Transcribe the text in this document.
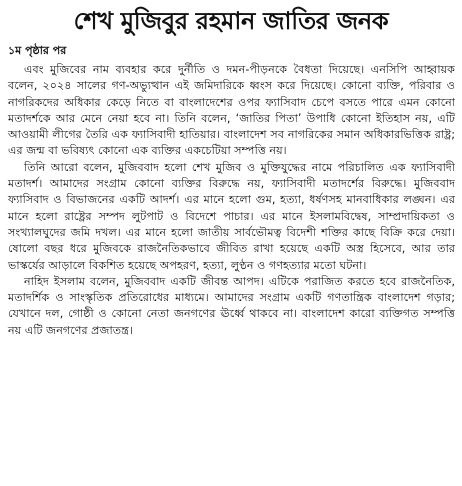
শেখ মুজিবুর রহমান জাতির জনক
১ম পৃষ্ঠার পর

এবং মুজিবের নাম ব্যবহার করে দুর্নীতি ও দমন-পীড়নকে বৈধতা দিয়েছে। এনসিপি আহ্বায়ক বলেন, ২০২৪ সালের গণ-অভ্যুত্থান এই জমিদারিকে ধ্বংস করে দিয়েছে। কোনো ব্যক্তি, পরিবার ও নাগরিকদের অধিকার কেড়ে নিতে বা বাংলাদেশের ওপর ফ্যাসিবাদ চেপে বসতে পারে এমন কোনো মতাদর্শকে আর মেনে নেয়া হবে না। তিনি বলেন, ‘জাতির পিতা’ উপাধি কোনো ইতিহাস নয়, এটি আওয়ামী লীগের তৈরি এক ফ্যাসিবাদী হাতিয়ার। বাংলাদেশ সব নাগরিকের সমান অধিকারভিত্তিক রাষ্ট্র; এর জন্ম বা ভবিষ্যৎ কোনো এক ব্যক্তির একচেটিয়া সম্পত্তি নয়।

তিনি আরো বলেন, মুজিববাদ হলো শেখ মুজিব ও মুক্তিযুদ্ধের নামে পরিচালিত এক ফ্যাসিবাদী মতাদর্শ। আমাদের সংগ্রাম কোনো ব্যক্তির বিরুদ্ধে নয়, ফ্যাসিবাদী মতাদর্শের বিরুদ্ধে। মুজিববাদ ফ্যাসিবাদ ও বিভাজনের একটি আদর্শ। এর মানে হলো গুম, হত্যা, ধর্ষণসহ মানবাধিকার লঙ্ঘন। এর মানে হলো রাষ্ট্রের সম্পদ লুটপাট ও বিদেশে পাচার। এর মানে ইসলামবিদ্বেষ, সাম্প্রদায়িকতা ও সংখ্যালঘুদের জমি দখল। এর মানে হলো জাতীয় সার্বভৌমত্ব বিদেশী শক্তির কাছে বিক্রি করে দেয়া। ষোলো বছর ধরে মুজিবকে রাজনৈতিকভাবে জীবিত রাখা হয়েছে একটি অস্ত্র হিসেবে, আর তার ভাস্কর্যের আড়ালে বিকশিত হয়েছে অপহরণ, হত্যা, লুণ্ঠন ও গণহত্যার মতো ঘটনা।

নাহিদ ইসলাম বলেন, মুজিববাদ একটি জীবন্ত আপদ। এটিকে পরাজিত করতে হবে রাজনৈতিক, মতাদর্শিক ও সাংস্কৃতিক প্রতিরোধের মাধ্যমে। আমাদের সংগ্রাম একটি গণতান্ত্রিক বাংলাদেশ গড়ার; যেখানে দল, গোষ্ঠী ও কোনো নেতা জনগণের ঊর্ধ্বে থাকবে না। বাংলাদেশ কারো ব্যক্তিগত সম্পত্তি নয় এটি জনগণের প্রজাতন্ত্র।
